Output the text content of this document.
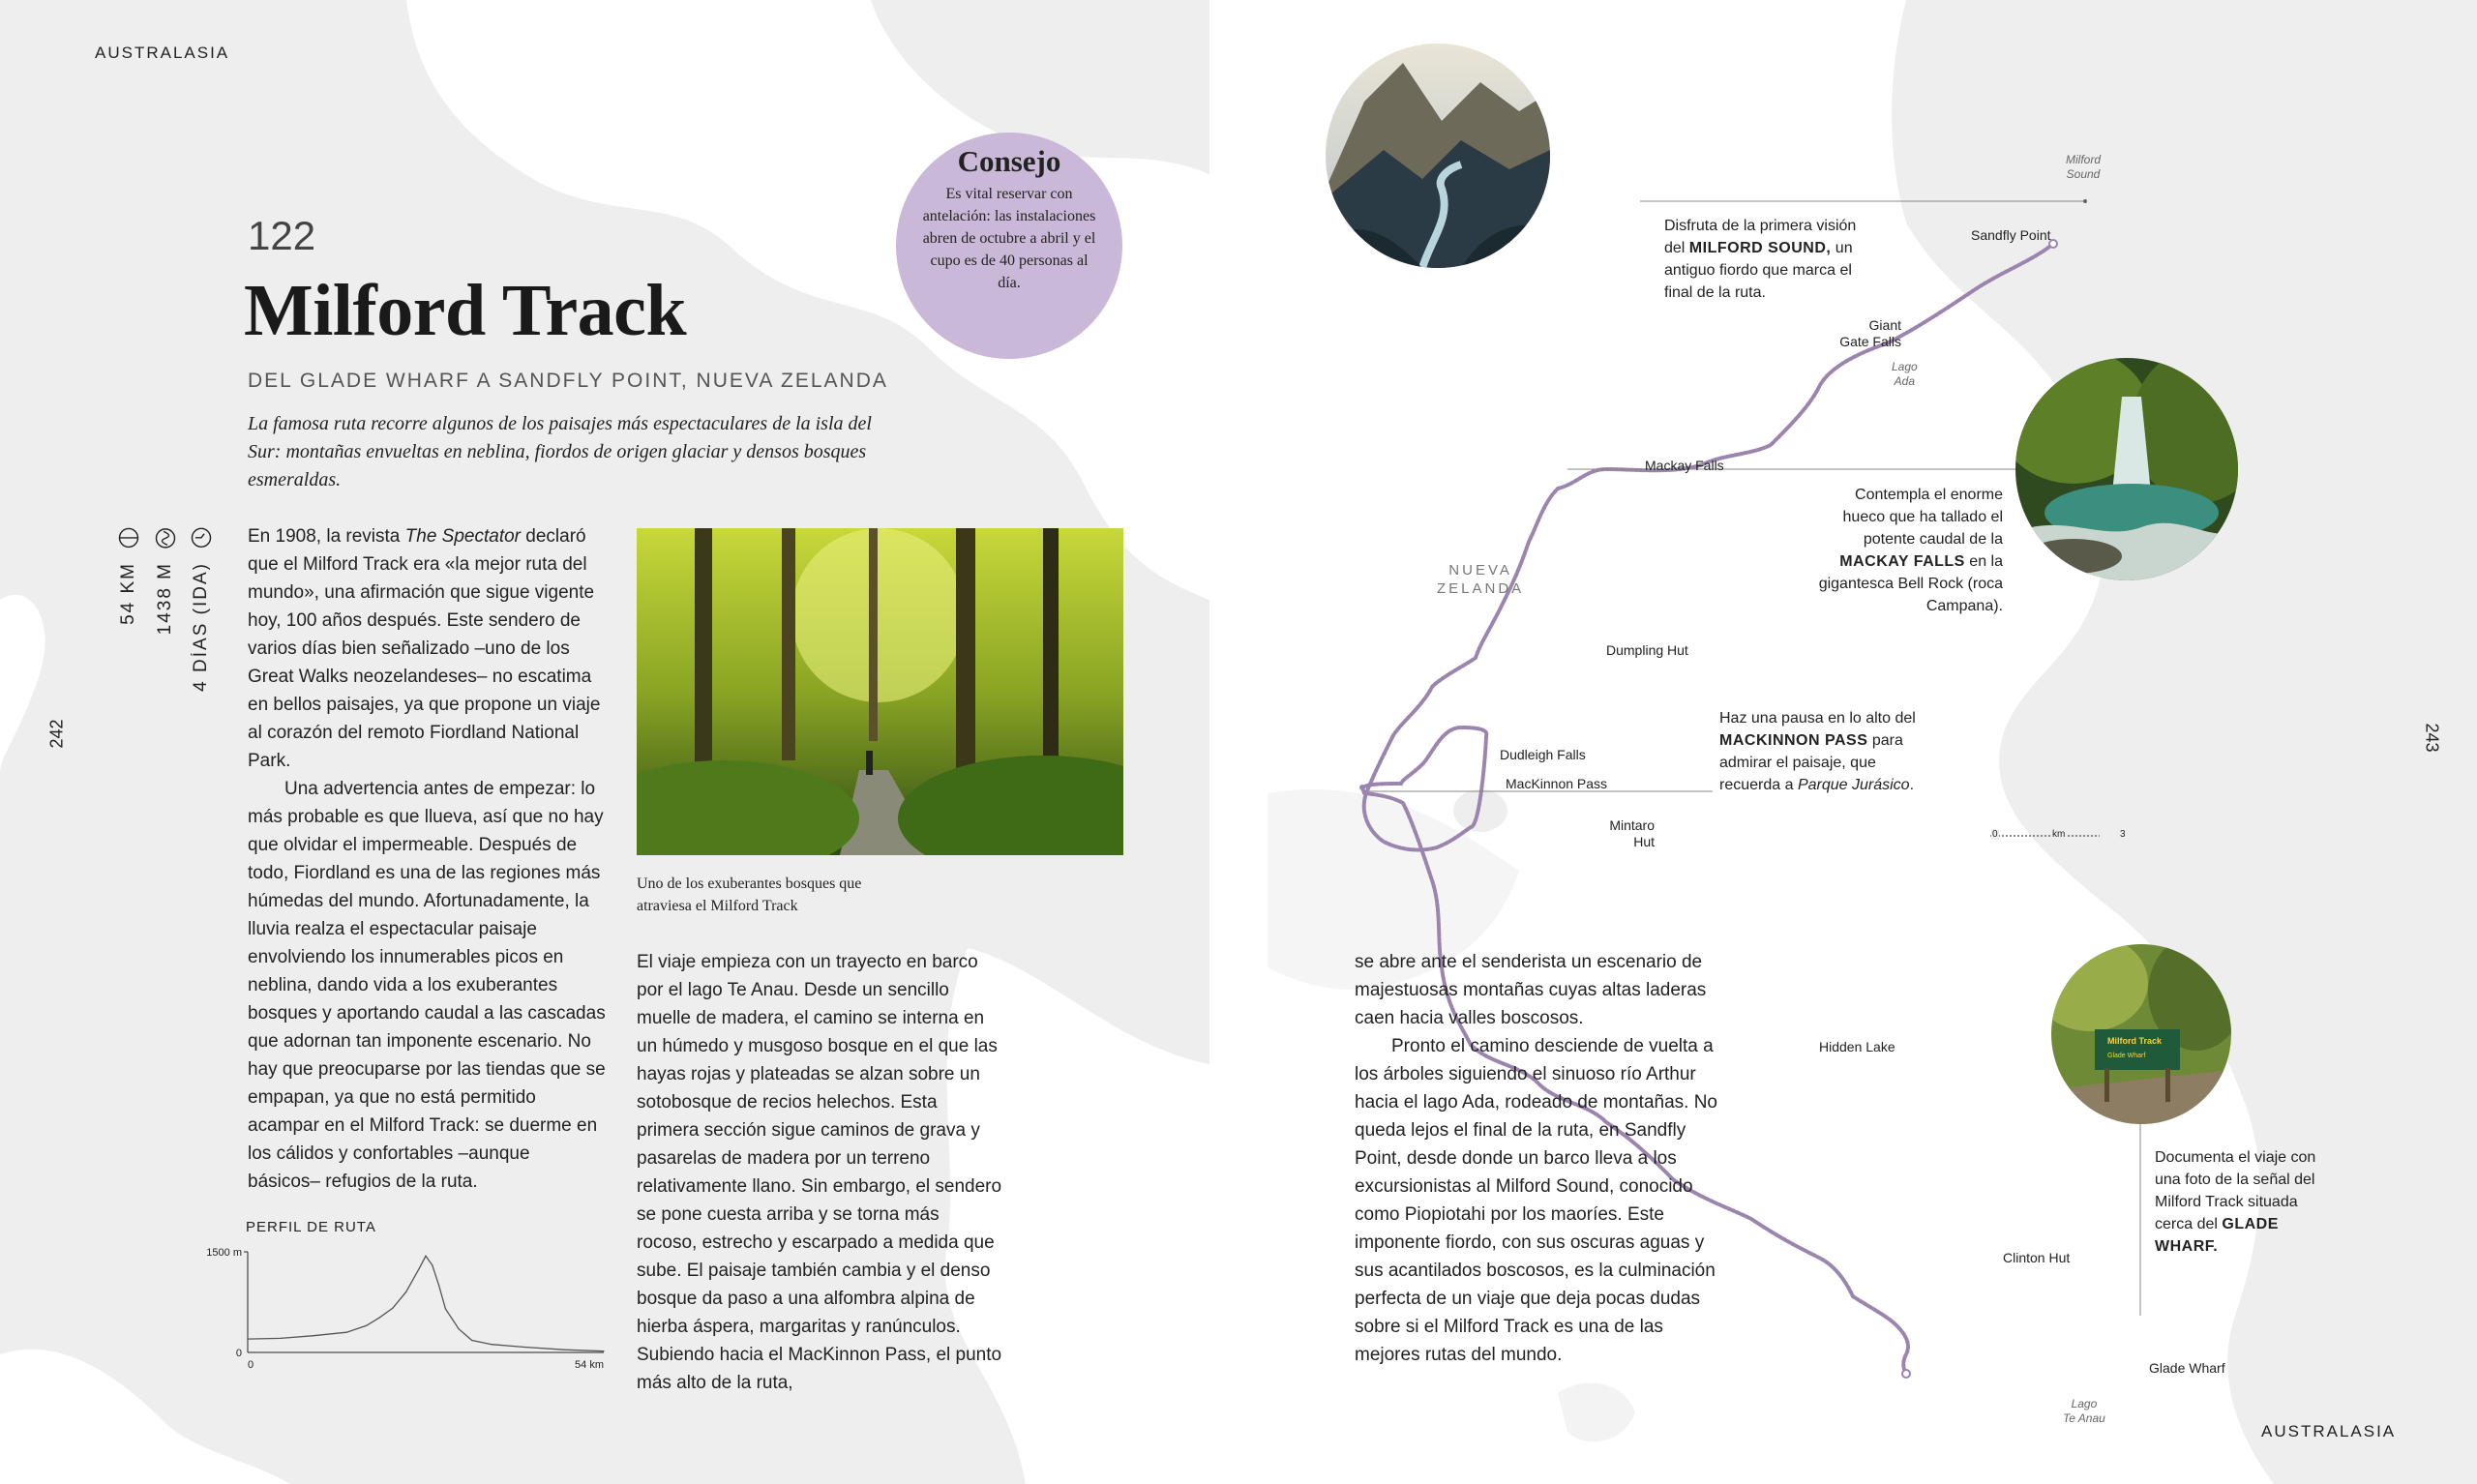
AUSTRALASIA
242
54 KM 1438 M 4 DÍAS (IDA)
Consejo
Es vital reservar con antelación: las instalaciones abren de octubre a abril y el cupo es de 40 personas al día.
122
Milford Track
DEL GLADE WHARF A SANDFLY POINT, NUEVA ZELANDA
La famosa ruta recorre algunos de los paisajes más espectaculares de la isla del Sur: montañas envueltas en neblina, fiordos de origen glaciar y densos bosques esmeraldas.

En 1908, la revista The Spectator declaró que el Milford Track era «la mejor ruta del mundo», una afirmación que sigue vigente hoy, 100 años después. Este sendero de varios días bien señalizado –uno de los Great Walks neozelandeses– no escatima en bellos paisajes, ya que propone un viaje al corazón del remoto Fiordland National Park.

Una advertencia antes de empezar: lo más probable es que llueva, así que no hay que olvidar el impermeable. Después de todo, Fiordland es una de las regiones más húmedas del mundo. Afortunadamente, la lluvia realza el espectacular paisaje envolviendo los innumerables picos en neblina, dando vida a los exuberantes bosques y aportando caudal a las cascadas que adornan tan imponente escenario. No hay que preocuparse por las tiendas que se empapan, ya que no está permitido acampar en el Milford Track: se duerme en los cálidos y confortables –aunque básicos– refugios de la ruta.

Uno de los exuberantes bosques que atraviesa el Milford Track

El viaje empieza con un trayecto en barco por el lago Te Anau. Desde un sencillo muelle de madera, el camino se interna en un húmedo y musgoso bosque en el que las hayas rojas y plateadas se alzan sobre un sotobosque de recios helechos. Esta primera sección sigue caminos de grava y pasarelas de madera por un terreno relativamente llano. Sin embargo, el sendero se pone cuesta arriba y se torna más rocoso, estrecho y escarpado a medida que sube. El paisaje también cambia y el denso bosque da paso a una alfombra alpina de hierba áspera, margaritas y ranúnculos. Subiendo hacia el MacKinnon Pass, el punto más alto de la ruta,

PERFIL DE RUTA
1500 m
0
0	54 km
Milford
Sound
Sandfly Point
Giant
Gate Falls
Lago
Ada
Mackay Falls
NUEVA
ZELANDA
Dumpling Hut
Dudleigh Falls
MacKinnon Pass
Mintaro
Hut
Hidden Lake
Clinton Hut
Glade Wharf
Lago
Te Anau
0	km	3
Disfruta de la primera visión del MILFORD SOUND, un antiguo fiordo que marca el final de la ruta.
Contempla el enorme hueco que ha tallado el potente caudal de la MACKAY FALLS en la gigantesca Bell Rock (roca Campana).
Haz una pausa en lo alto del MACKINNON PASS para admirar el paisaje, que recuerda a Parque Jurásico.
Documenta el viaje con una foto de la señal del Milford Track situada cerca del GLADE WHARF.
Milford Track
Glade Wharf

se abre ante el senderista un escenario de majestuosas montañas cuyas altas laderas caen hacia valles boscosos.

Pronto el camino desciende de vuelta a los árboles siguiendo el sinuoso río Arthur hacia el lago Ada, rodeado de montañas. No queda lejos el final de la ruta, en Sandfly Point, desde donde un barco lleva a los excursionistas al Milford Sound, conocido como Piopiotahi por los maoríes. Este imponente fiordo, con sus oscuras aguas y sus acantilados boscosos, es la culminación perfecta de un viaje que deja pocas dudas sobre si el Milford Track es una de las mejores rutas del mundo.

243
AUSTRALASIA
